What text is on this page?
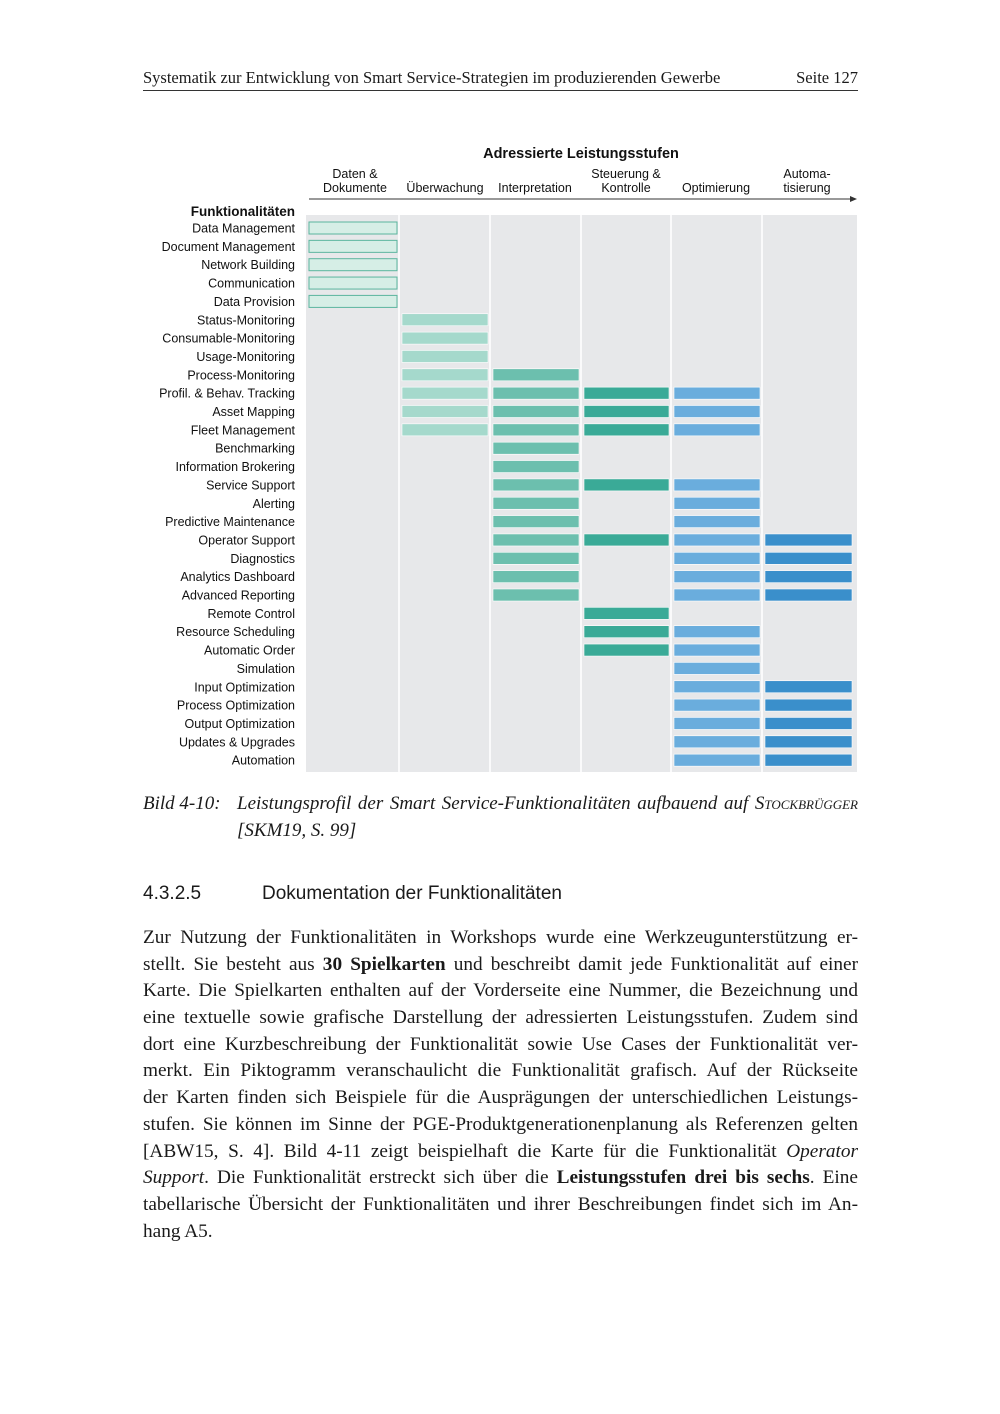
Systematik zur Entwicklung von Smart Service-Strategien im produzierenden Gewerbe	Seite 127
Adressierte Leistungsstufen
Daten &
Dokumente Überwachung Interpretation
Steuerung &
Kontrolle	Optimierung
Automa-
tisierung
Funktionalitäten
Data Management
Document Management
Network Building
Communication
Data Provision
Status-Monitoring
Consumable-Monitoring
Usage-Monitoring
Process-Monitoring
Profil. & Behav. Tracking
Asset Mapping
Fleet Management
Benchmarking
Information Brokering
Service Support
Alerting
Predictive Maintenance
Operator Support
Diagnostics
Analytics Dashboard
Advanced Reporting
Remote Control
Resource Scheduling
Automatic Order
Simulation
Input Optimization
Process Optimization
Output Optimization
Updates & Upgrades
Automation
Bild 4-10: Leistungsprofil der Smart Service-Funktionalitäten aufbauend auf Stockbrügger [SKM19, S. 99]
4.3.2.5	Dokumentation der Funktionalitäten
Zur Nutzung der Funktionalitäten in Workshops wurde eine Werkzeugunterstützung er-
stellt. Sie besteht aus 30 Spielkarten und beschreibt damit jede Funktionalität auf einer
Karte. Die Spielkarten enthalten auf der Vorderseite eine Nummer, die Bezeichnung und
eine textuelle sowie grafische Darstellung der adressierten Leistungsstufen. Zudem sind
dort eine Kurzbeschreibung der Funktionalität sowie Use Cases der Funktionalität ver-
merkt. Ein Piktogramm veranschaulicht die Funktionalität grafisch. Auf der Rückseite
der Karten finden sich Beispiele für die Ausprägungen der unterschiedlichen Leistungs-
stufen. Sie können im Sinne der PGE-Produktgenerationenplanung als Referenzen gelten
[ABW15, S. 4]. Bild 4-11 zeigt beispielhaft die Karte für die Funktionalität Operator
Support. Die Funktionalität erstreckt sich über die Leistungsstufen drei bis sechs. Eine
tabellarische Übersicht der Funktionalitäten und ihrer Beschreibungen findet sich im An-
hang A5.
